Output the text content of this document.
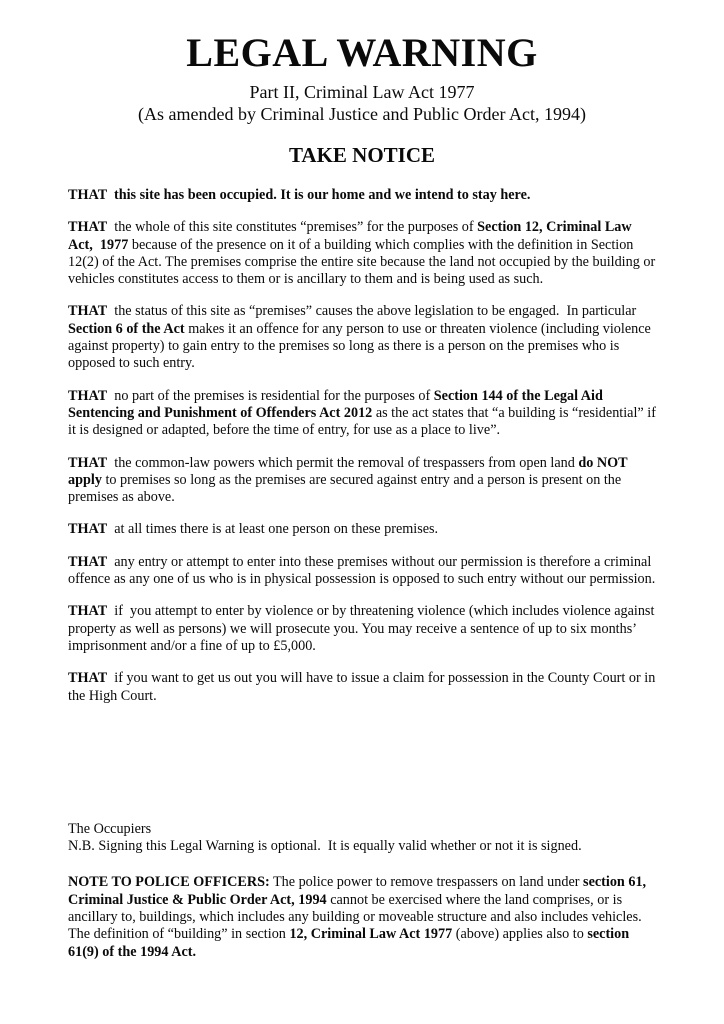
LEGAL WARNING
Part II, Criminal Law Act 1977
(As amended by Criminal Justice and Public Order Act, 1994)
TAKE NOTICE

THAT  this site has been occupied. It is our home and we intend to stay here.

THAT  the whole of this site constitutes “premises” for the purposes of Section 12, Criminal Law Act,  1977 because of the presence on it of a building which complies with the definition in Section 12(2) of the Act. The premises comprise the entire site because the land not occupied by the building or vehicles constitutes access to them or is ancillary to them and is being used as such.

THAT  the status of this site as “premises” causes the above legislation to be engaged.  In particular Section 6 of the Act makes it an offence for any person to use or threaten violence (including violence against property) to gain entry to the premises so long as there is a person on the premises who is opposed to such entry.

THAT  no part of the premises is residential for the purposes of Section 144 of the Legal Aid Sentencing and Punishment of Offenders Act 2012 as the act states that “a building is “residential” if it is designed or adapted, before the time of entry, for use as a place to live”.

THAT  the common-law powers which permit the removal of trespassers from open land do NOT apply to premises so long as the premises are secured against entry and a person is present on the premises as above.

THAT  at all times there is at least one person on these premises.

THAT  any entry or attempt to enter into these premises without our permission is therefore a criminal offence as any one of us who is in physical possession is opposed to such entry without our permission.

THAT  if  you attempt to enter by violence or by threatening violence (which includes violence against property as well as persons) we will prosecute you. You may receive a sentence of up to six months’ imprisonment and/or a fine of up to £5,000.

THAT  if you want to get us out you will have to issue a claim for possession in the County Court or in the High Court.

The Occupiers
N.B. Signing this Legal Warning is optional.  It is equally valid whether or not it is signed.

NOTE TO POLICE OFFICERS: The police power to remove trespassers on land under section 61, Criminal Justice & Public Order Act, 1994 cannot be exercised where the land comprises, or is ancillary to, buildings, which includes any building or moveable structure and also includes vehicles. The definition of “building” in section 12, Criminal Law Act 1977 (above) applies also to section 61(9) of the 1994 Act.
